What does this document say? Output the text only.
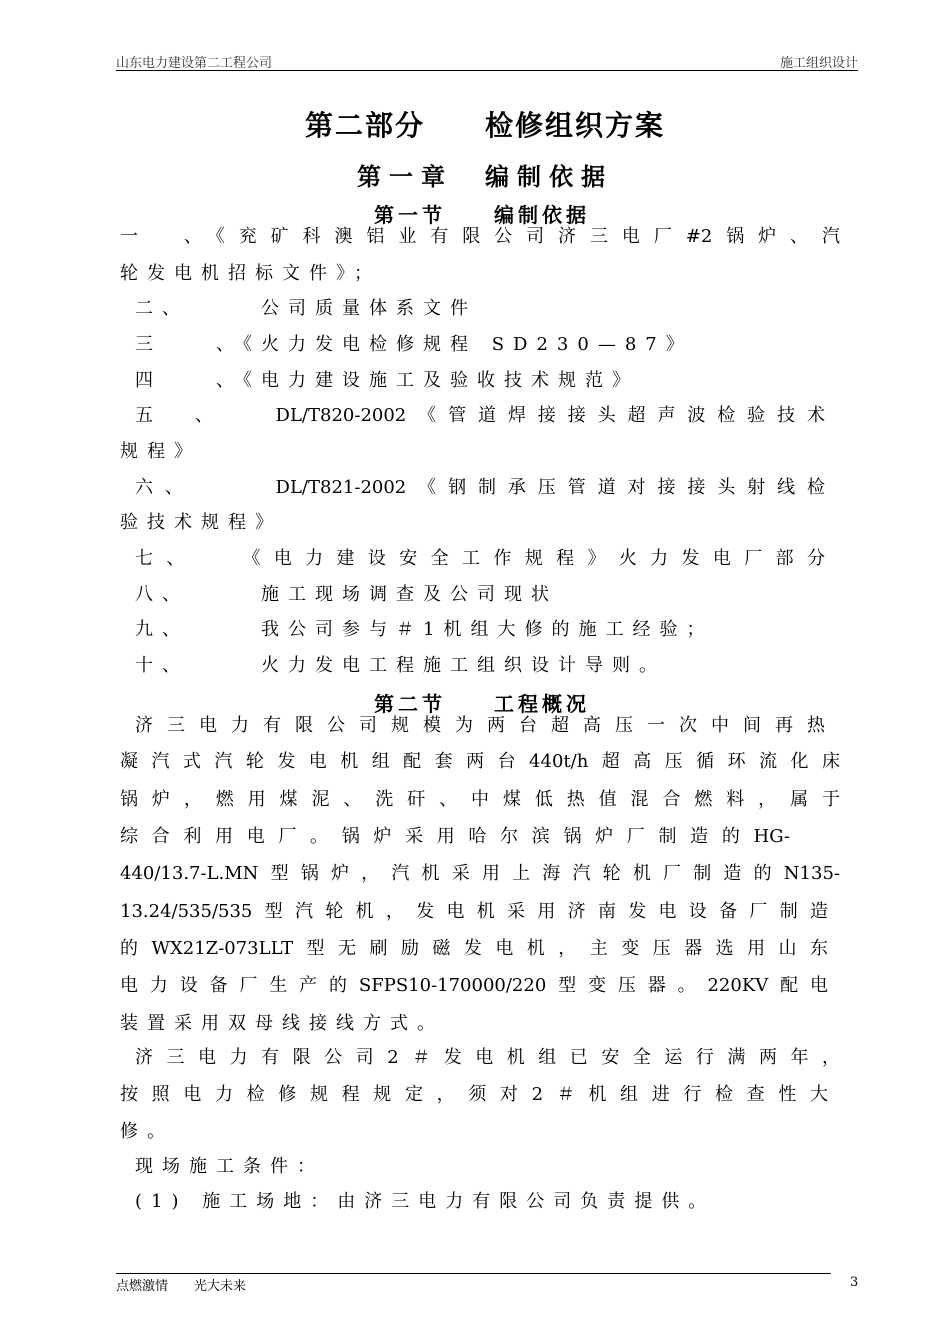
山东电力建设第二工程公司	施工组织设计
第二部分　　检修组织方案
第一章　编制依据
第一节　　编制依据
一　、《兖矿科澳铝业有限公司济三电厂#2锅炉、汽
轮发电机招标文件》；
二、　　　公司质量体系文件
三　　、《火力发电检修规程 SD230—87》
四　　、《电力建设施工及验收技术规范》
五　、　　DL/T820-2002《管道焊接接头超声波检验技术
规程》
六、　　　DL/T821-2002《钢制承压管道对接接头射线检
验技术规程》
七、　　《电力建设安全工作规程》火力发电厂部分
八、　　　施工现场调查及公司现状
九、　　　我公司参与＃1机组大修的施工经验；
十、　　　火力发电工程施工组织设计导则。
第二节　　工程概况
济三电力有限公司规模为两台超高压一次中间再热
凝汽式汽轮发电机组配套两台440t/h超高压循环流化床
锅炉，燃用煤泥、洗矸、中煤低热值混合燃料，属于
综合利用电厂。锅炉采用哈尔滨锅炉厂制造的HG-
440/13.7-L.MN型锅炉，汽机采用上海汽轮机厂制造的N135-
13.24/535/535型汽轮机，发电机采用济南发电设备厂制造
的WX21Z-073LLT型无刷励磁发电机，主变压器选用山东
电力设备厂生产的SFPS10-170000/220型变压器。220KV配电
装置采用双母线接线方式。
济三电力有限公司2＃发电机组已安全运行满两年，
按照电力检修规程规定，须对2＃机组进行检查性大
修。
现场施工条件：
(1) 施工场地：由济三电力有限公司负责提供。
点燃激情　　光大未来	3
